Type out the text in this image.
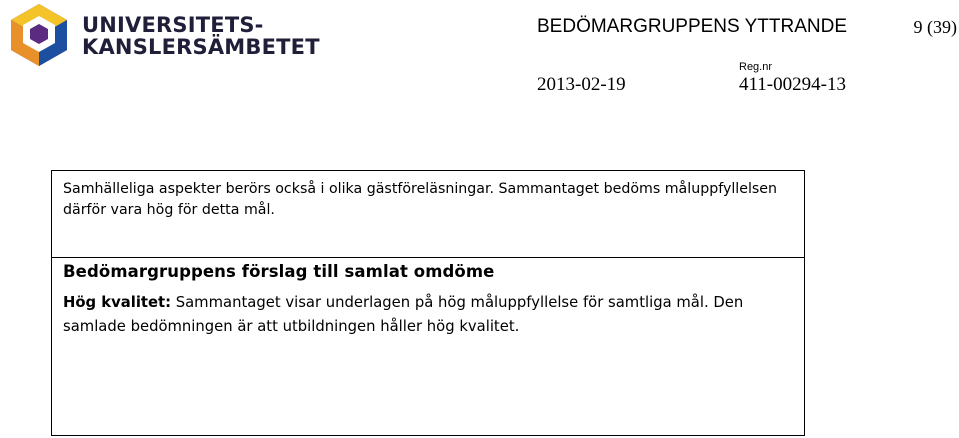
UNIVERSITETS-
KANSLERSÄMBETET
BEDÖMARGRUPPENS YTTRANDE	9 (39)
Reg.nr
2013-02-19	411-00294-13
Samhälleliga aspekter berörs också i olika gästföreläsningar. Sammantaget bedöms måluppfyllelsen därför vara hög för detta mål.
Bedömargruppens förslag till samlat omdöme
Hög kvalitet: Sammantaget visar underlagen på hög måluppfyllelse för samtliga mål. Den samlade bedömningen är att utbildningen håller hög kvalitet.
